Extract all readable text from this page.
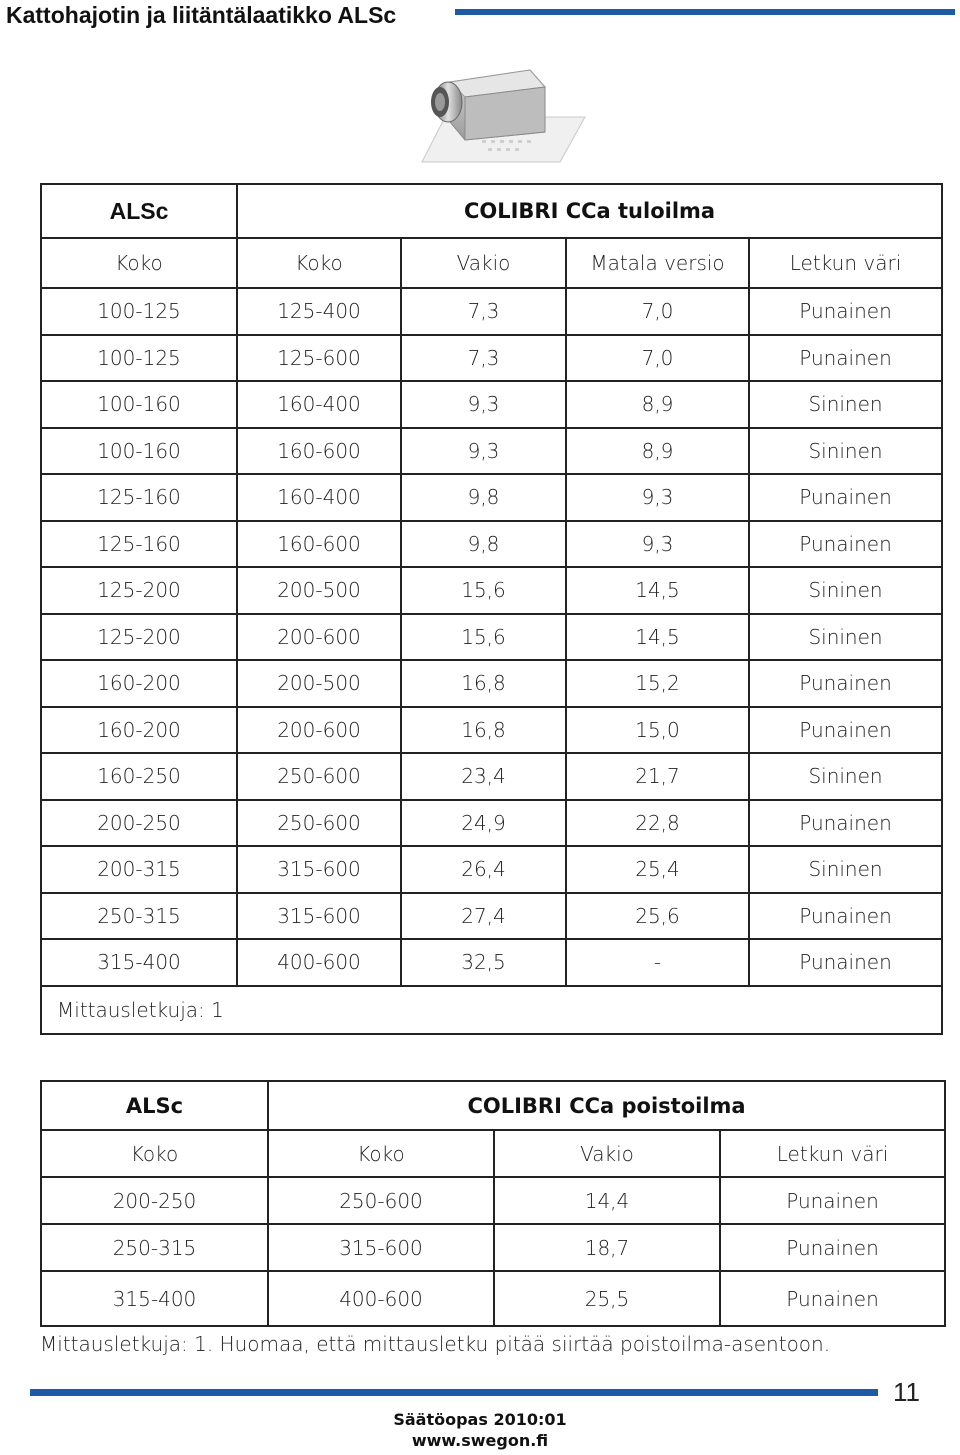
Kattohajotin ja liitäntälaatikko ALSc
ALSc	COLIBRI CCa tuloilma			
Koko	Koko	Vakio	Matala versio	Letkun väri
100-125	125-400	7,3	7,0	Punainen
100-125	125-600	7,3	7,0	Punainen
100-160	160-400	9,3	8,9	Sininen
100-160	160-600	9,3	8,9	Sininen
125-160	160-400	9,8	9,3	Punainen
125-160	160-600	9,8	9,3	Punainen
125-200	200-500	15,6	14,5	Sininen
125-200	200-600	15,6	14,5	Sininen
160-200	200-500	16,8	15,2	Punainen
160-200	200-600	16,8	15,0	Punainen
160-250	250-600	23,4	21,7	Sininen
200-250	250-600	24,9	22,8	Punainen
200-315	315-600	26,4	25,4	Sininen
250-315	315-600	27,4	25,6	Punainen
315-400	400-600	32,5	-	Punainen
Mittausletkuja: 1				
ALSc	COLIBRI CCa poistoilma		
Koko	Koko	Vakio	Letkun väri
200-250	250-600	14,4	Punainen
250-315	315-600	18,7	Punainen
315-400	400-600	25,5	Punainen
Mittausletkuja: 1. Huomaa, että mittausletku pitää siirtää poistoilma-asentoon.
11
Säätöopas 2010:01
www.swegon.fi
